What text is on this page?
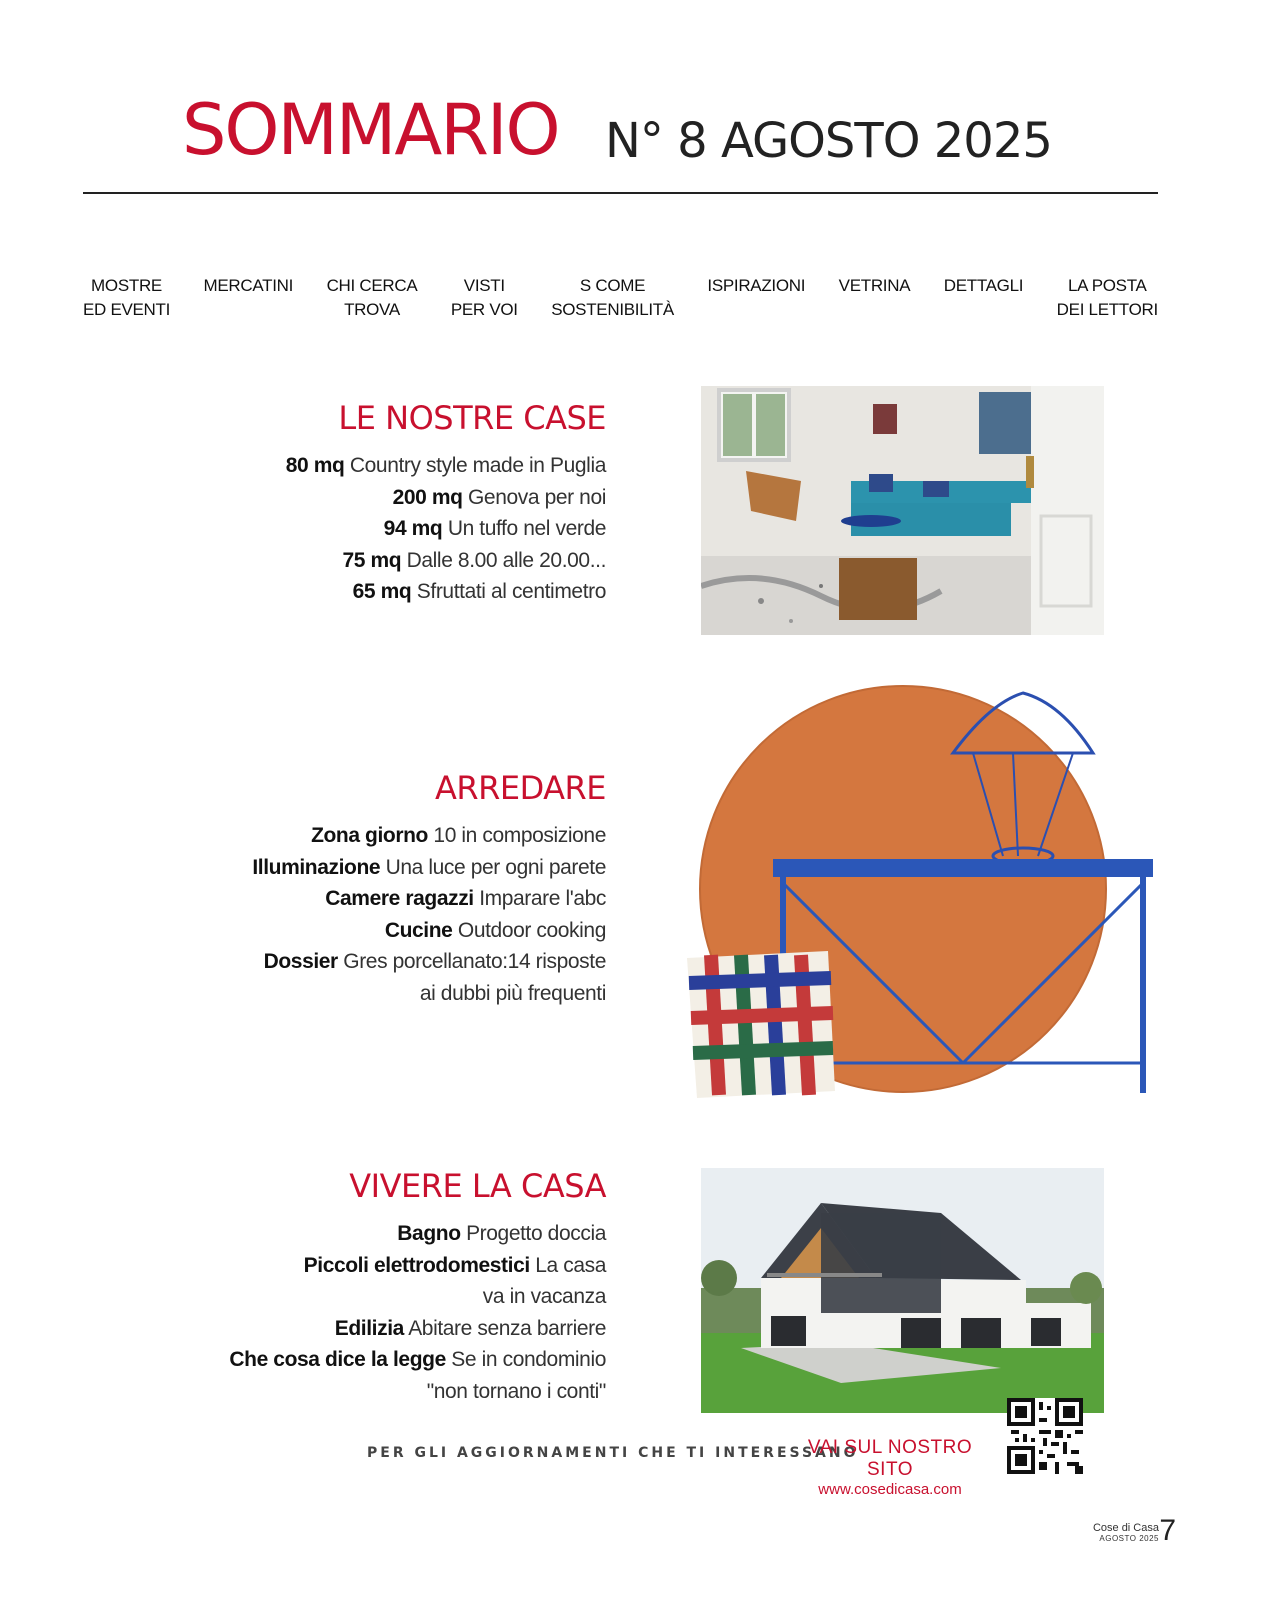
SOMMARIO N° 8 AGOSTO 2025
MOSTRE
ED EVENTI
MERCATINI CHI CERCA
TROVA
VISTI
PER VOI
S COME
SOSTENIBILITÀ
ISPIRAZIONI VETRINA DETTAGLI	LA POSTA
DEI LETTORI
LE NOSTRE CASE
80 mq Country style made in Puglia
200 mq Genova per noi
94 mq Un tuffo nel verde
75 mq Dalle 8.00 alle 20.00...
65 mq Sfruttati al centimetro
ARREDARE
Zona giorno 10 in composizione
Illuminazione Una luce per ogni parete
Camere ragazzi Imparare l'abc
Cucine Outdoor cooking
Dossier Gres porcellanato:14 risposte
ai dubbi più frequenti
VIVERE LA CASA
Bagno Progetto doccia
Piccoli elettrodomestici La casa
va in vacanza
Edilizia Abitare senza barriere
Che cosa dice la legge Se in condominio
"non tornano i conti"
PER GLI AGGIORNAMENTI CHE TI INTERESSANO
VAI SUL NOSTRO SITO
www.cosedicasa.com
Cose di Casa
AGOSTO 2025 7
